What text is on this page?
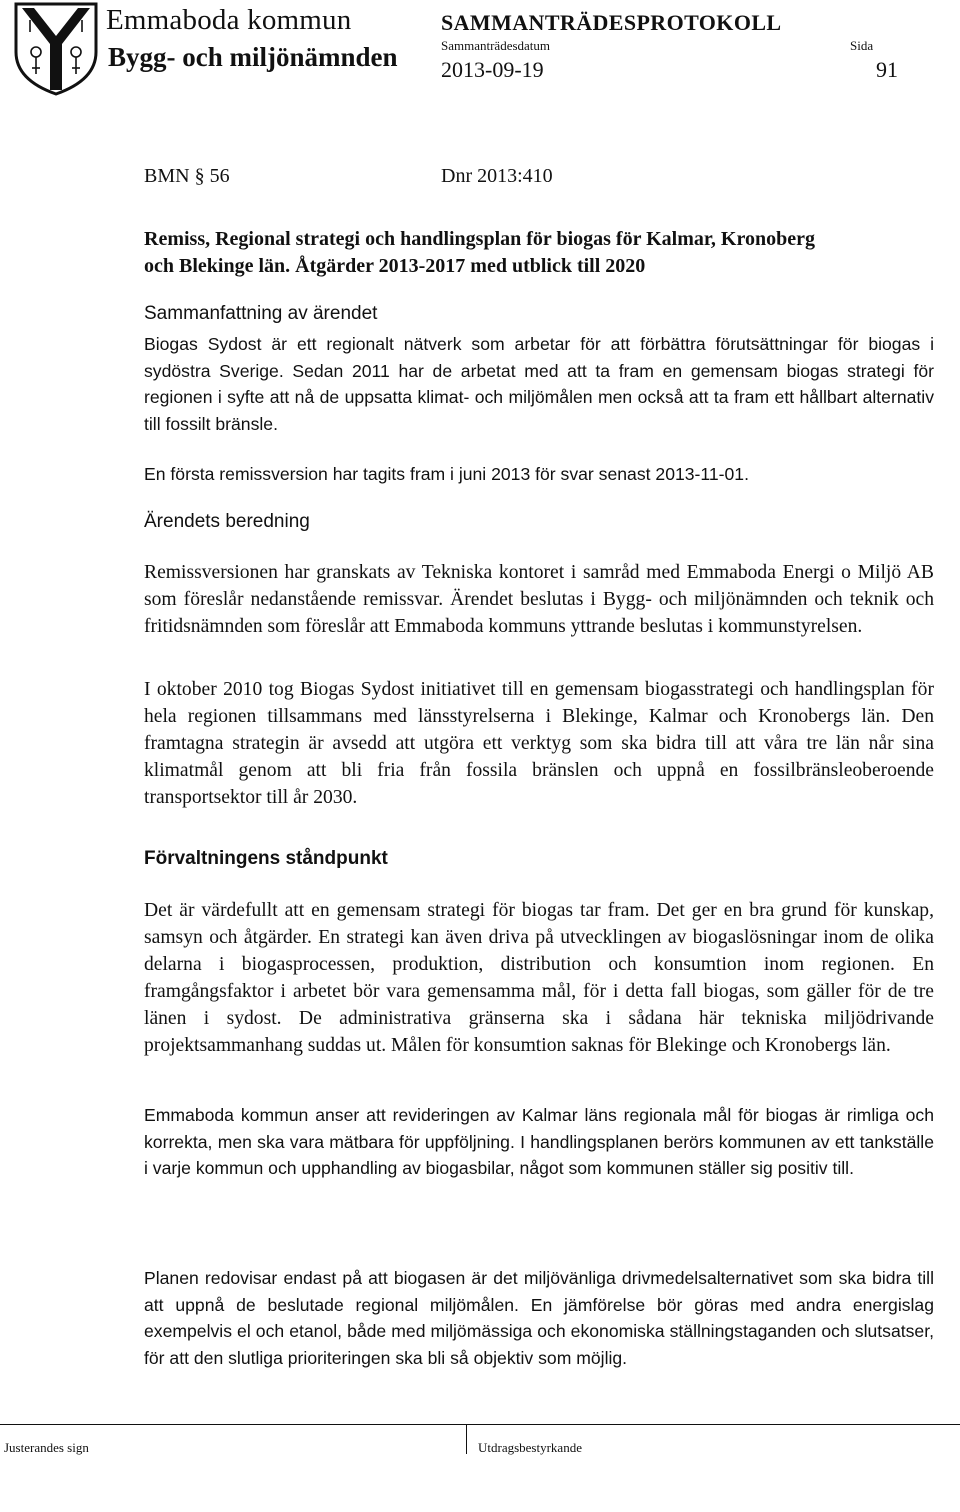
Emmaboda kommun
Bygg- och miljönämnden
SAMMANTRÄDESPROTOKOLL
Sammanträdesdatum	Sida
2013-09-19	91
BMN § 56	Dnr 2013:410
Remiss, Regional strategi och handlingsplan för biogas för Kalmar, Kronoberg
och Blekinge län. Åtgärder 2013-2017 med utblick till 2020
Sammanfattning av ärendet
Biogas Sydost är ett regionalt nätverk som arbetar för att förbättra förutsättningar för biogas i sydöstra Sverige. Sedan 2011 har de arbetat med att ta fram en gemensam biogas strategi för regionen i syfte att nå de uppsatta klimat- och miljömålen men också att ta fram ett hållbart alternativ till fossilt bränsle.
En första remissversion har tagits fram i juni 2013 för svar senast 2013-11-01.
Ärendets beredning
Remissversionen har granskats av Tekniska kontoret i samråd med Emmaboda Energi o Miljö AB som föreslår nedanstående remissvar. Ärendet beslutas i Bygg- och miljönämnden och teknik och fritidsnämnden som föreslår att Emmaboda kommuns yttrande beslutas i kommunstyrelsen.
I oktober 2010 tog Biogas Sydost initiativet till en gemensam biogasstrategi och handlingsplan för hela regionen tillsammans med länsstyrelserna i Blekinge, Kalmar och Kronobergs län. Den framtagna strategin är avsedd att utgöra ett verktyg som ska bidra till att våra tre län når sina klimatmål genom att bli fria från fossila bränslen och uppnå en fossilbränsleoberoende transportsektor till år 2030.
Förvaltningens ståndpunkt
Det är värdefullt att en gemensam strategi för biogas tar fram. Det ger en bra grund för kunskap, samsyn och åtgärder. En strategi kan även driva på utvecklingen av biogaslösningar inom de olika delarna i biogasprocessen, produktion, distribution och konsumtion inom regionen. En framgångsfaktor i arbetet bör vara gemensamma mål, för i detta fall biogas, som gäller för de tre länen i sydost. De administrativa gränserna ska i sådana här tekniska miljödrivande projektsammanhang suddas ut. Målen för konsumtion saknas för Blekinge och Kronobergs län.
Emmaboda kommun anser att revideringen av Kalmar läns regionala mål för biogas är rimliga och korrekta, men ska vara mätbara för uppföljning. I handlingsplanen berörs kommunen av ett tankställe i varje kommun och upphandling av biogasbilar, något som kommunen ställer sig positiv till.
Planen redovisar endast på att biogasen är det miljövänliga drivmedelsalternativet som ska bidra till att uppnå de beslutade regional miljömålen. En jämförelse bör göras med andra energislag exempelvis el och etanol, både med miljömässiga och ekonomiska ställningstaganden och slutsatser, för att den slutliga prioriteringen ska bli så objektiv som möjlig.
Justerandes sign	Utdragsbestyrkande
